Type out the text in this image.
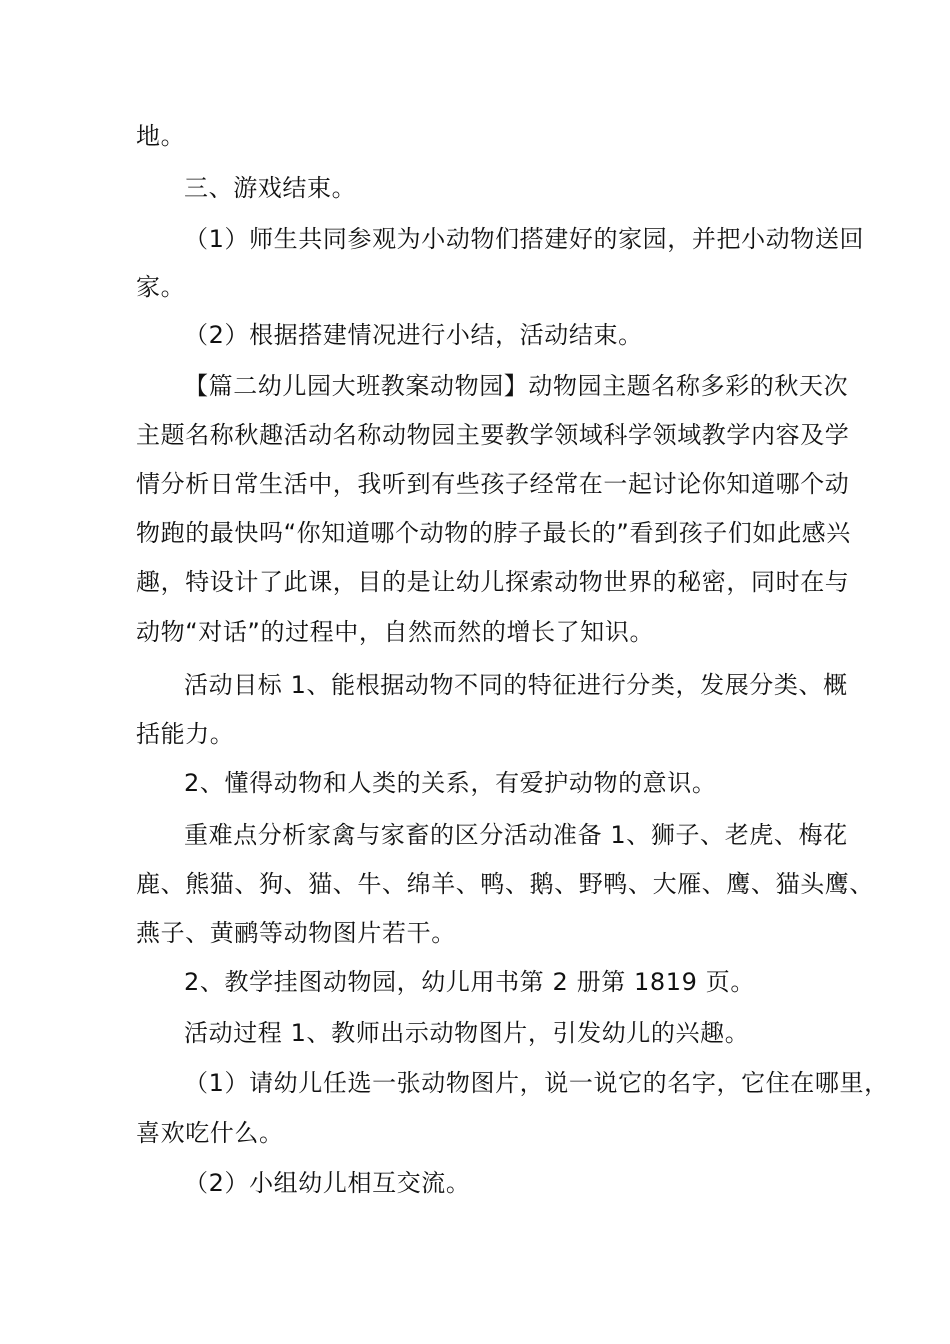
地。
三、游戏结束。
（1）师生共同参观为小动物们搭建好的家园，并把小动物送回
家。
（2）根据搭建情况进行小结，活动结束。
【篇二幼儿园大班教案动物园】动物园主题名称多彩的秋天次
主题名称秋趣活动名称动物园主要教学领域科学领域教学内容及学
情分析日常生活中，我听到有些孩子经常在一起讨论你知道哪个动
物跑的最快吗“你知道哪个动物的脖子最长的”看到孩子们如此感兴
趣，特设计了此课，目的是让幼儿探索动物世界的秘密，同时在与
动物“对话”的过程中，自然而然的增长了知识。
活动目标 1、能根据动物不同的特征进行分类，发展分类、概
括能力。
2、懂得动物和人类的关系，有爱护动物的意识。
重难点分析家禽与家畜的区分活动准备 1、狮子、老虎、梅花
鹿、熊猫、狗、猫、牛、绵羊、鸭、鹅、野鸭、大雁、鹰、猫头鹰、
燕子、黄鹂等动物图片若干。
2、教学挂图动物园，幼儿用书第 2 册第 1819 页。
活动过程 1、教师出示动物图片，引发幼儿的兴趣。
（1）请幼儿任选一张动物图片，说一说它的名字，它住在哪里，
喜欢吃什么。
（2）小组幼儿相互交流。
